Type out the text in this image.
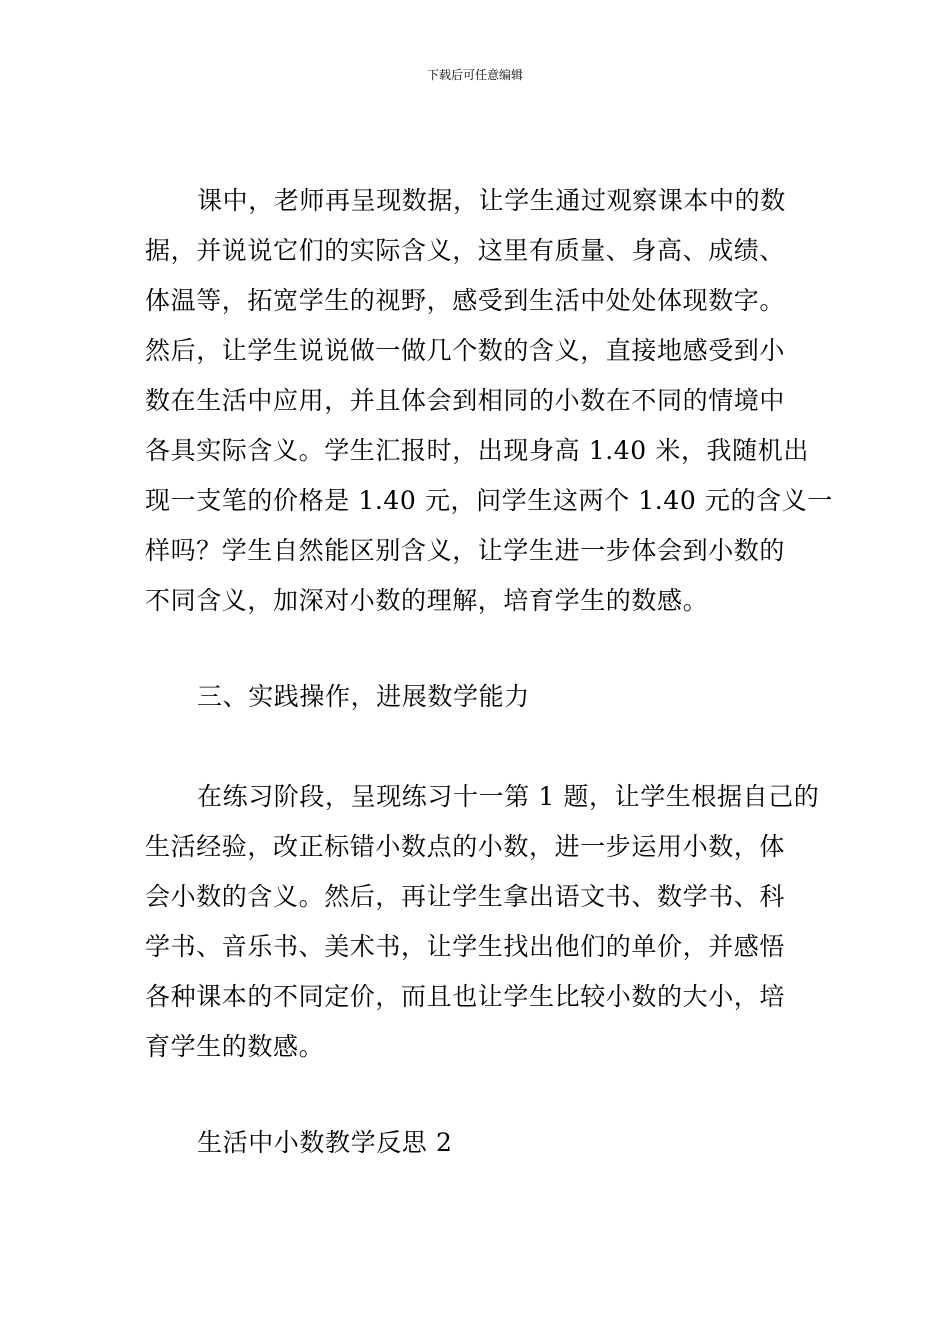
下载后可任意编辑
课中，老师再呈现数据，让学生通过观察课本中的数
据，并说说它们的实际含义，这里有质量、身高、成绩、
体温等，拓宽学生的视野，感受到生活中处处体现数字。
然后，让学生说说做一做几个数的含义，直接地感受到小
数在生活中应用，并且体会到相同的小数在不同的情境中
各具实际含义。学生汇报时，出现身高 1.40 米，我随机出
现一支笔的价格是 1.40 元，问学生这两个 1.40 元的含义一
样吗？学生自然能区别含义，让学生进一步体会到小数的
不同含义，加深对小数的理解，培育学生的数感。
三、实践操作，进展数学能力
在练习阶段，呈现练习十一第 1 题，让学生根据自己的
生活经验，改正标错小数点的小数，进一步运用小数，体
会小数的含义。然后，再让学生拿出语文书、数学书、科
学书、音乐书、美术书，让学生找出他们的单价，并感悟
各种课本的不同定价，而且也让学生比较小数的大小，培
育学生的数感。
生活中小数教学反思 2
